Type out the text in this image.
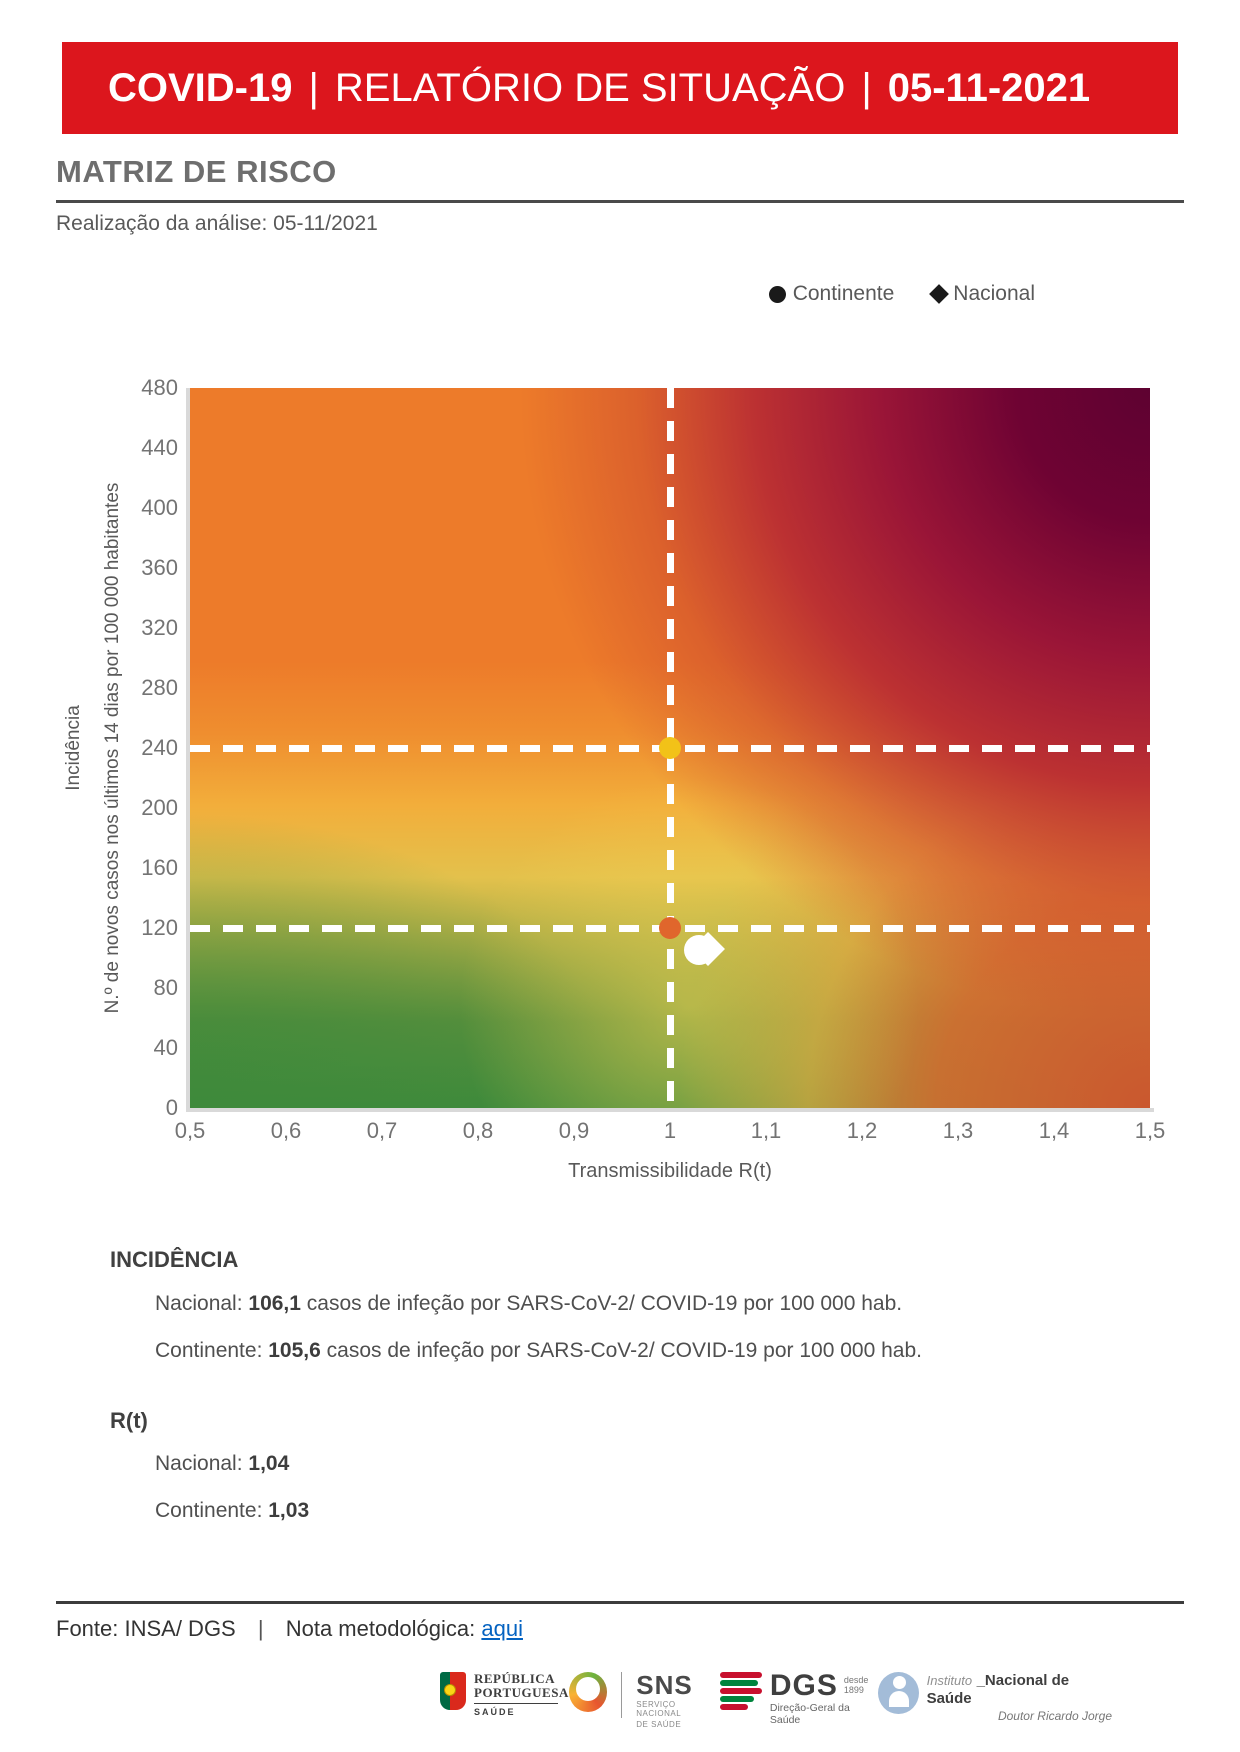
COVID-19 | RELATÓRIO DE SITUAÇÃO | 05-11-2021
MATRIZ DE RISCO
Realização da análise: 05-11/2021
Continente	Nacional
0,5	0,6	0,7	0,8	0,9	1	1,1	1,2	1,3	1,4	1,5
480
440
400
360
320
280
240
200
160
120
80
40
0
Transmissibilidade R(t)
Incidência N.º de novos casos nos últimos 14 dias por 100 000 habitantes
INCIDÊNCIA
Nacional: 106,1 casos de infeção por SARS-CoV-2/ COVID-19 por 100 000 hab.
Continente: 105,6 casos de infeção por SARS-CoV-2/ COVID-19 por 100 000 hab.
R(t)
Nacional: 1,04
Continente: 1,03
Fonte: INSA/ DGS | Nota metodológica: aqui
REPÚBLICA
PORTUGUESA
SAÚDE
SNS
SERVIÇO NACIONAL
DE SAÚDE
DGS desde
1899
Direção-Geral da Saúde
Instituto _Nacional de Saúde
Doutor Ricardo Jorge
